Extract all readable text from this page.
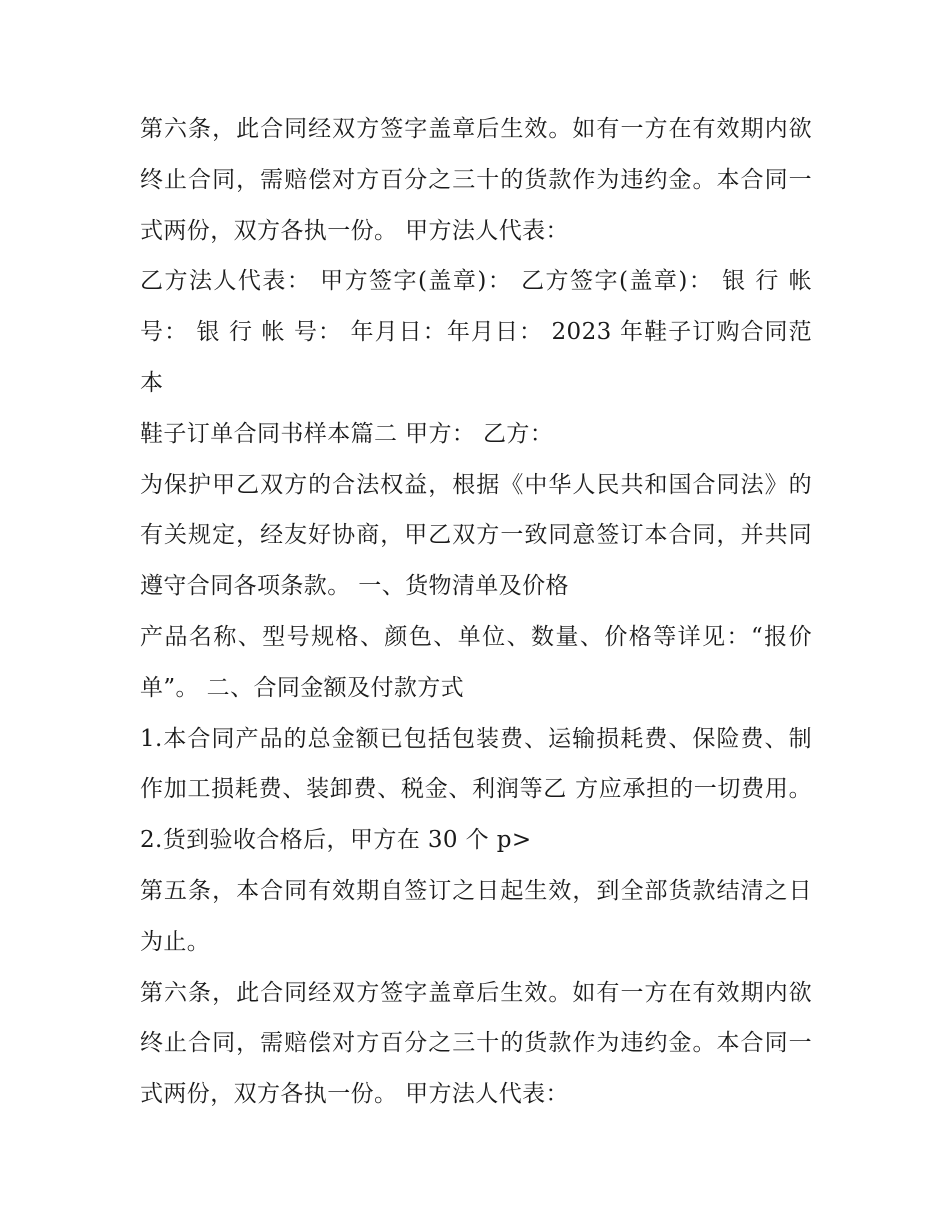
第六条，此合同经双方签字盖章后生效。如有一方在有效期内欲终止合同，需赔偿对方百分之三十的货款作为违约金。本合同一式两份，双方各执一份。 甲方法人代表：

乙方法人代表： 甲方签字(盖章)： 乙方签字(盖章)： 银 行 帐 号： 银 行 帐 号： 年月日：年月日： 2023 年鞋子订购合同范本

鞋子订单合同书样本篇二 甲方： 乙方：

为保护甲乙双方的合法权益，根据《中华人民共和国合同法》的有关规定，经友好协商，甲乙双方一致同意签订本合同，并共同遵守合同各项条款。 一、货物清单及价格

产品名称、型号规格、颜色、单位、数量、价格等详见：“报价单”。 二、合同金额及付款方式

1.本合同产品的总金额已包括包装费、运输损耗费、保险费、制作加工损耗费、装卸费、税金、利润等乙 方应承担的一切费用。 2.货到验收合格后，甲方在 30 个 p>

第五条，本合同有效期自签订之日起生效，到全部货款结清之日为止。

第六条，此合同经双方签字盖章后生效。如有一方在有效期内欲终止合同，需赔偿对方百分之三十的货款作为违约金。本合同一式两份，双方各执一份。 甲方法人代表：
